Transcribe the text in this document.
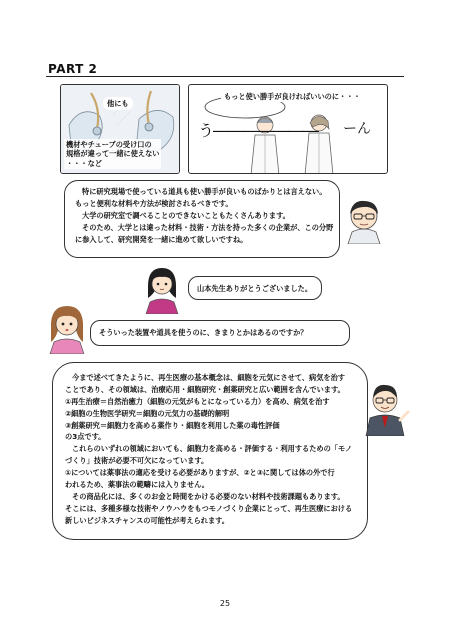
PART 2
他にも
機材やチューブの受け口の
規格が違って一緒に使えない
・・・など
もっと使い勝手が良ければいいのに・・・
う――――――― ーん
特に研究現場で使っている道具も使い勝手が良いものばかりとは言えない。
もっと便利な材料や方法が検討されるべきです。
大学の研究室で調べることのできないこともたくさんあります。
そのため、大学とは違った材料・技術・方法を持った多くの企業が、この分野
に参入して、研究開発を一緒に進めて欲しいですね。
山本先生ありがとうございました。
そういった装置や道具を使うのに、きまりとかはあるのですか？
今まで述べてきたように、再生医療の基本概念は、細胞を元気にさせて、病気を治す
ことであり、その領域は、治療応用・細胞研究・創薬研究と広い範囲を含んでいます。
①再生治療＝自然治癒力（細胞の元気がもとになっている力）を高め、病気を治す
②細胞の生物医学研究＝細胞の元気力の基礎的解明
③創薬研究＝細胞力を高める薬作り・細胞を利用した薬の毒性評価
の3点です。
これらのいずれの領域においても、細胞力を高める・評価する・利用するための「モノ
づくり」技術が必要不可欠になっています。
①については薬事法の適応を受ける必要がありますが、②と③に関しては体の外で行
われるため、薬事法の範疇には入りません。
その商品化には、多くのお金と時間をかける必要のない材料や技術課題もあります。
そこには、多種多様な技術やノウハウをもつモノづくり企業にとって、再生医療における
新しいビジネスチャンスの可能性が考えられます。
25
